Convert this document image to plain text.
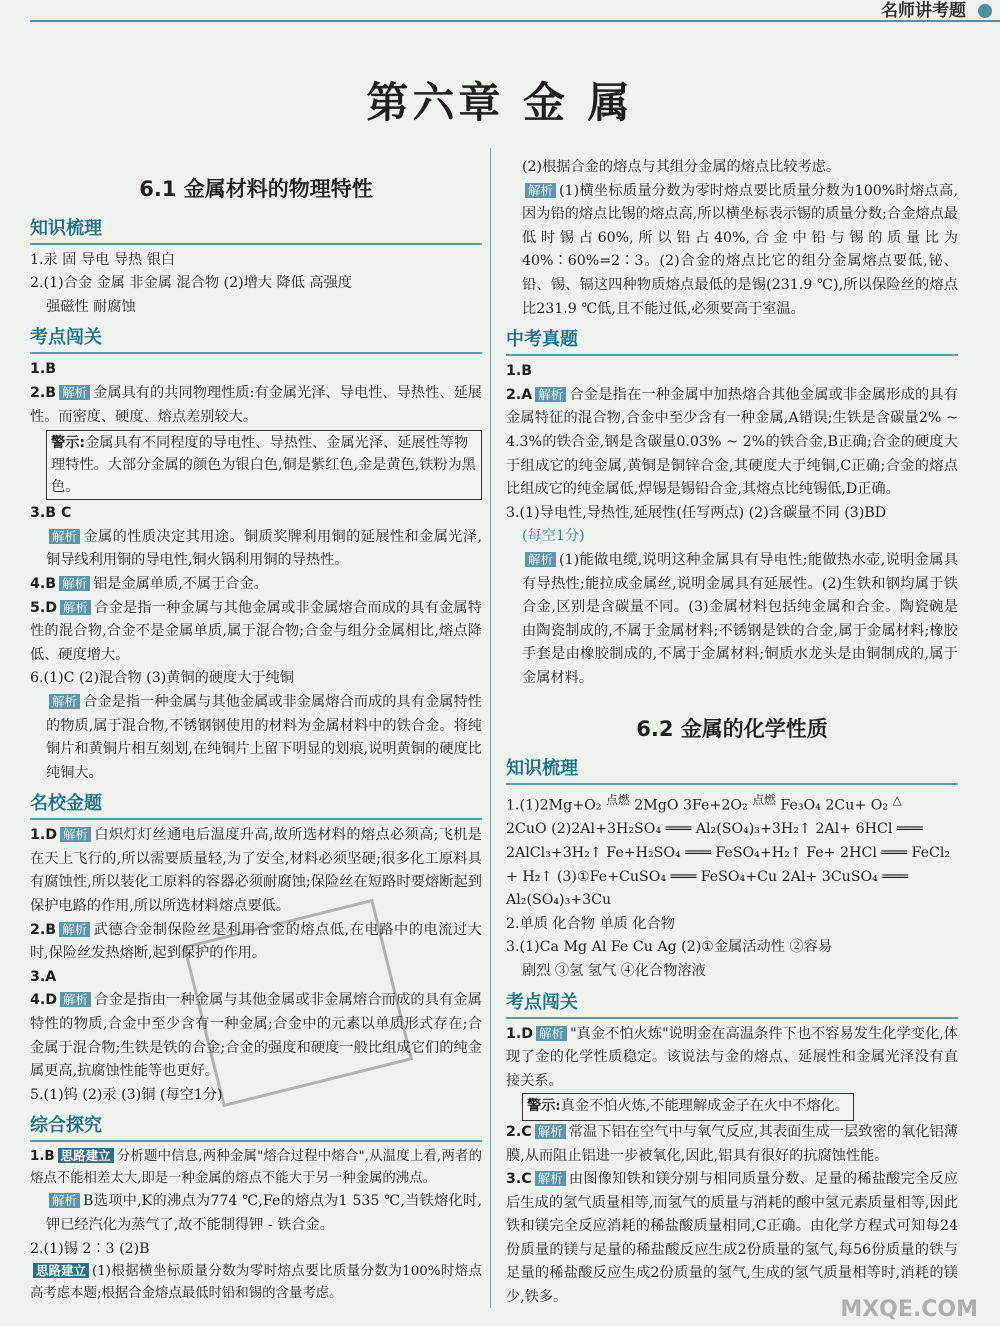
名师讲考题
第六章 金 属
6.1 金属材料的物理特性
知识梳理

1.汞 固 导电 导热 银白

2.(1)合金 金属 非金属 混合物 (2)增大 降低 高强度

强磁性 耐腐蚀

考点闯关

1.B

2.B 解析 金属具有的共同物理性质:有金属光泽、导电性、导热性、延展性。而密度、硬度、熔点差别较大。

警示:金属具有不同程度的导电性、导热性、金属光泽、延展性等物理特性。大部分金属的颜色为银白色,铜是紫红色,金是黄色,铁粉为黑色。

3.B C

解析 金属的性质决定其用途。铜质奖牌利用铜的延展性和金属光泽,铜导线利用铜的导电性,铜火锅利用铜的导热性。

4.B 解析 铝是金属单质,不属于合金。

5.D 解析 合金是指一种金属与其他金属或非金属熔合而成的具有金属特性的混合物,合金不是金属单质,属于混合物;合金与组分金属相比,熔点降低、硬度增大。

6.(1)C (2)混合物 (3)黄铜的硬度大于纯铜

解析 合金是指一种金属与其他金属或非金属熔合而成的具有金属特性的物质,属于混合物,不锈钢钢使用的材料为金属材料中的铁合金。将纯铜片和黄铜片相互刻划,在纯铜片上留下明显的划痕,说明黄铜的硬度比纯铜大。

名校金题

1.D 解析 白炽灯灯丝通电后温度升高,故所选材料的熔点必须高;飞机是在天上飞行的,所以需要质量轻,为了安全,材料必须坚硬;很多化工原料具有腐蚀性,所以装化工原料的容器必须耐腐蚀;保险丝在短路时要熔断起到保护电路的作用,所以所选材料熔点要低。

2.B 解析 武德合金制保险丝是利用合金的熔点低,在电路中的电流过大时,保险丝发热熔断,起到保护的作用。

3.A

4.D 解析 合金是指由一种金属与其他金属或非金属熔合而成的具有金属特性的物质,合金中至少含有一种金属;合金中的元素以单质形式存在;合金属于混合物;生铁是铁的合金;合金的强度和硬度一般比组成它们的纯金属更高,抗腐蚀性能等也更好。

5.(1)钨 (2)汞 (3)铜 (每空1分)

综合探究

1.B 思路建立 分析题中信息,两种金属"熔合过程中熔合",从温度上看,两者的熔点不能相差太大,即是一种金属的熔点不能大于另一种金属的沸点。

解析 B选项中,K的沸点为774 ℃,Fe的熔点为1 535 ℃,当铁熔化时,钾已经汽化为蒸气了,故不能制得钾 - 铁合金。

2.(1)锡 2∶3 (2)B

思路建立 (1)根据横坐标质量分数为零时熔点要比质量分数为100%时熔点高考虑本题;根据合金熔点最低时铅和锡的含量考虑。

(2)根据合金的熔点与其组分金属的熔点比较考虑。

解析 (1)横坐标质量分数为零时熔点要比质量分数为100%时熔点高,因为铅的熔点比锡的熔点高,所以横坐标表示锡的质量分数;合金熔点最低时锡占60%,所以铅占40%,合金中铅与锡的质量比为40%∶60%=2∶3。(2)合金的熔点比它的组分金属熔点要低,铋、铅、锡、镉这四种物质熔点最低的是锡(231.9 ℃),所以保险丝的熔点比231.9 ℃低,且不能过低,必须要高于室温。

中考真题

1.B

2.A 解析 合金是指在一种金属中加热熔合其他金属或非金属形成的具有金属特征的混合物,合金中至少含有一种金属,A错误;生铁是含碳量2% ~ 4.3%的铁合金,钢是含碳量0.03% ~ 2%的铁合金,B正确;合金的硬度大于组成它的纯金属,黄铜是铜锌合金,其硬度大于纯铜,C正确;合金的熔点比组成它的纯金属低,焊锡是锡铅合金,其熔点比纯锡低,D正确。

3.(1)导电性,导热性,延展性(任写两点) (2)含碳量不同 (3)BD

(每空1分)

解析 (1)能做电缆,说明这种金属具有导电性;能做热水壶,说明金属具有导热性;能拉成金属丝,说明金属具有延展性。(2)生铁和钢均属于铁合金,区别是含碳量不同。(3)金属材料包括纯金属和合金。陶瓷碗是由陶瓷制成的,不属于金属材料;不锈钢是铁的合金,属于金属材料;橡胶手套是由橡胶制成的,不属于金属材料;铜质水龙头是由铜制成的,属于金属材料。

6.2 金属的化学性质
知识梳理

1.(1)2Mg+O₂ $^{点燃}$ 2MgO 3Fe+2O₂ $^{点燃}$ Fe₃O₄ 2Cu+ O₂ △

2CuO (2)2Al+3H₂SO₄ ═══ Al₂(SO₄)₃+3H₂↑ 2Al+ 6HCl ═══

2AlCl₃+3H₂↑ Fe+H₂SO₄ ═══ FeSO₄+H₂↑ Fe+ 2HCl ═══ FeCl₂

+ H₂↑ (3)①Fe+CuSO₄ ═══ FeSO₄+Cu 2Al+ 3CuSO₄ ═══

Al₂(SO₄)₃+3Cu

2.单质 化合物 单质 化合物

3.(1)Ca Mg Al Fe Cu Ag (2)①金属活动性 ②容易

剧烈 ③氢 氢气 ④化合物溶液

考点闯关

1.D 解析 "真金不怕火炼"说明金在高温条件下也不容易发生化学变化,体现了金的化学性质稳定。该说法与金的熔点、延展性和金属光泽没有直接关系。

警示:真金不怕火炼,不能理解成金子在火中不熔化。

2.C 解析 常温下铝在空气中与氧气反应,其表面生成一层致密的氧化铝薄膜,从而阻止铝进一步被氧化,因此,铝具有很好的抗腐蚀性能。

3.C 解析 由图像知铁和镁分别与相同质量分数、足量的稀盐酸完全反应后生成的氢气质量相等,而氢气的质量与消耗的酸中氢元素质量相等,因此铁和镁完全反应消耗的稀盐酸质量相同,C正确。由化学方程式可知每24份质量的镁与足量的稀盐酸反应生成2份质量的氢气,每56份质量的铁与足量的稀盐酸反应生成2份质量的氢气,生成的氢气质量相等时,消耗的镁少,铁多。	MXQE.COM
